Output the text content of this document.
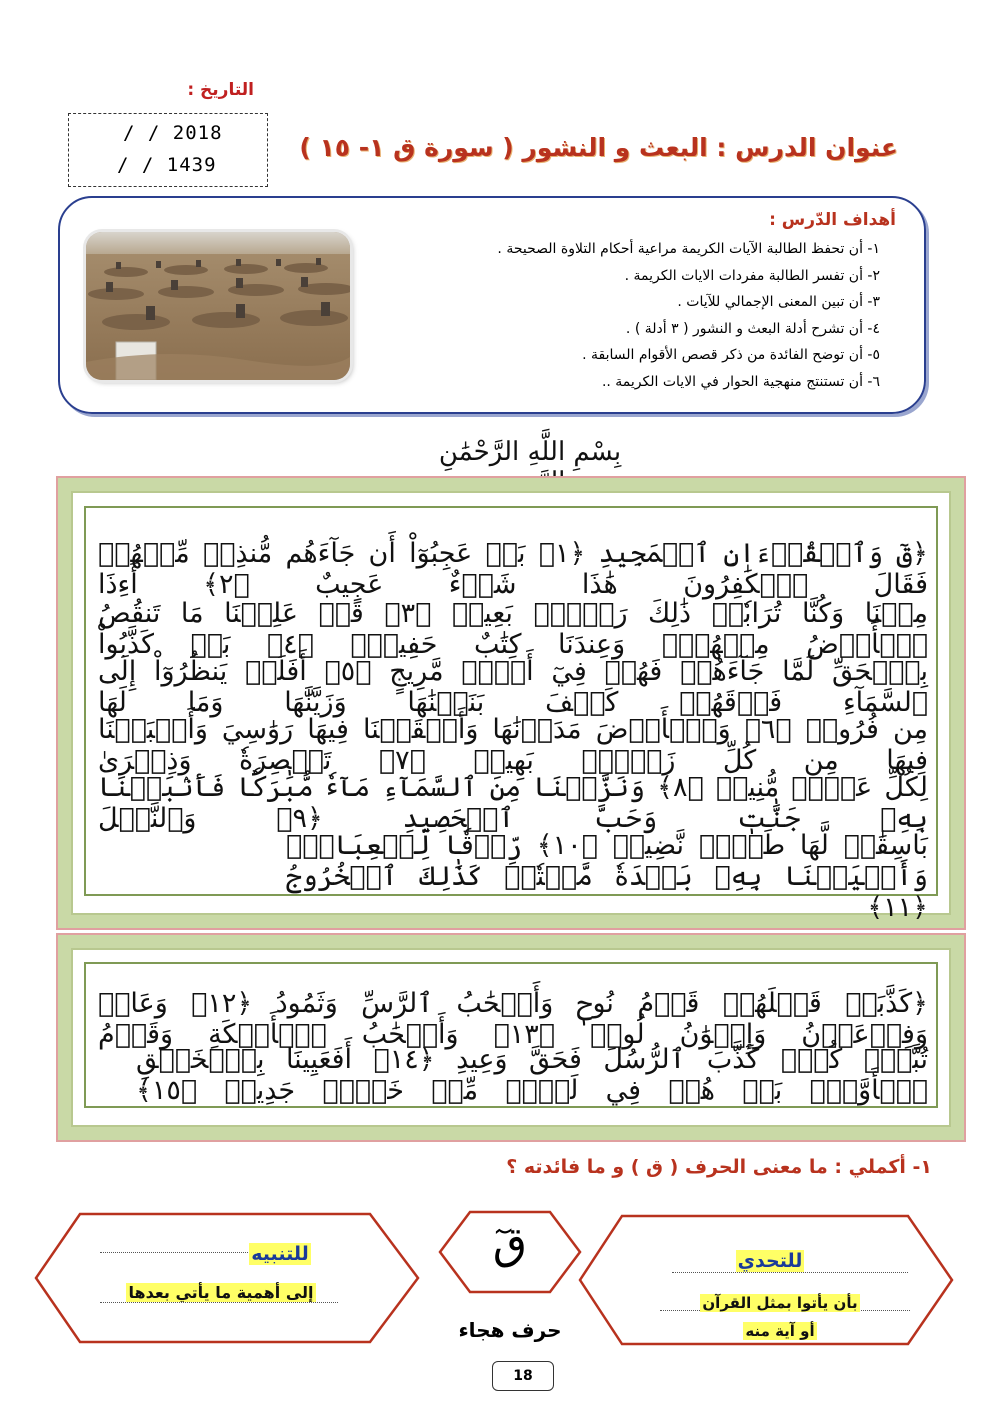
التاريخ :
/ / 2018
/ / 1439
عنوان الدرس : البعث و النشور ( سورة ق ١- ١٥ )
أهداف الدّرس :
١- أن تحفظ الطالبة الآيات الكريمة مراعية أحكام التلاوة الصحيحة .
٢- أن تفسر الطالبة مفردات الايات الكريمة .
٣- أن تبين المعنى الإجمالي للآيات .
٤- أن تشرح أدلة البعث و النشور ( ٣ أدلة ) .
٥- أن توضح الفائدة من ذكر قصص الأقوام السابقة .
٦- أن تستنتج منهجية الحوار في الايات الكريمة ..
بِسْمِ اللَّهِ الرَّحْمَٰنِ
﴿قٓ وَٱلۡقُرۡءَانِ ٱلۡمَجِيدِ ﴿١﴾ بَلۡ عَجِبُوٓاْ أَن جَآءَهُم مُّنذِرٞ مِّنۡهُمۡ فَقَالَ ٱلۡكَٰفِرُونَ هَٰذَا شَيۡءٌ عَجِيبٌ ﴿٢﴾ أَءِذَا
مِتۡنَا وَكُنَّا تُرَابٗاۖ ذَٰلِكَ رَجۡعُۢ بَعِيدٞ ﴿٣﴾ قَدۡ عَلِمۡنَا مَا تَنقُصُ ٱلۡأَرۡضُ مِنۡهُمۡۖ وَعِندَنَا كِتَٰبٌ حَفِيظُۢ ﴿٤﴾ بَلۡ كَذَّبُواْ
بِٱلۡحَقِّ لَمَّا جَآءَهُمۡ فَهُمۡ فِيٓ أَمۡرٖ مَّرِيجٍ ﴿٥﴾ أَفَلَمۡ يَنظُرُوٓاْ إِلَى ٱلسَّمَآءِ فَوۡقَهُمۡ كَيۡفَ بَنَيۡنَٰهَا وَزَيَّنَّٰهَا وَمَا لَهَا
مِن فُرُوجٖ ﴿٦﴾ وَٱلۡأَرۡضَ مَدَدۡنَٰهَا وَأَلۡقَيۡنَا فِيهَا رَوَٰسِيَ وَأَنۢبَتۡنَا فِيهَا مِن كُلِّ زَوۡجِۢ بَهِيجٖ ﴿٧﴾ تَبۡصِرَةٗ وَذِكۡرَىٰ
لِكُلِّ عَبۡدٖ مُّنِيبٖ ﴿٨﴾ وَنَزَّلۡنَا مِنَ ٱلسَّمَآءِ مَآءٗ مُّبَٰرَكٗا فَأَنۢبَتۡنَا بِهِۦ جَنَّٰتٖ وَحَبَّ ٱلۡحَصِيدِ ﴿٩﴾ وَٱلنَّخۡلَ
بَاسِقَٰتٖ لَّهَا طَلۡعٞ نَّضِيدٞ ﴿١٠﴾ رِّزۡقٗا لِّلۡعِبَادِۖ وَأَحۡيَيۡنَا بِهِۦ بَلۡدَةٗ مَّيۡتٗاۚ كَذَٰلِكَ ٱلۡخُرُوجُ ﴿١١﴾
﴿كَذَّبَتۡ قَبۡلَهُمۡ قَوۡمُ نُوحٖ وَأَصۡحَٰبُ ٱلرَّسِّ وَثَمُودُ ﴿١٢﴾ وَعَادٞ وَفِرۡعَوۡنُ وَإِخۡوَٰنُ لُوطٖ ﴿١٣﴾ وَأَصۡحَٰبُ ٱلۡأَيۡكَةِ وَقَوۡمُ
تُبَّعٖۚ كُلّٞ كَذَّبَ ٱلرُّسُلَ فَحَقَّ وَعِيدِ ﴿١٤﴾ أَفَعَيِينَا بِٱلۡخَلۡقِ ٱلۡأَوَّلِۚ بَلۡ هُمۡ فِي لَبۡسٖ مِّنۡ خَلۡقٖ جَدِيدٖ ﴿١٥﴾
١- أكملي : ما معنى الحرف ( ق ) و ما فائدته ؟
للتنبيه
إلى أهمية ما يأتي بعدها
قٓ
حرف هجاء
للتحدي
بأن يأتوا بمثل القرآن
أو آية منه
18
